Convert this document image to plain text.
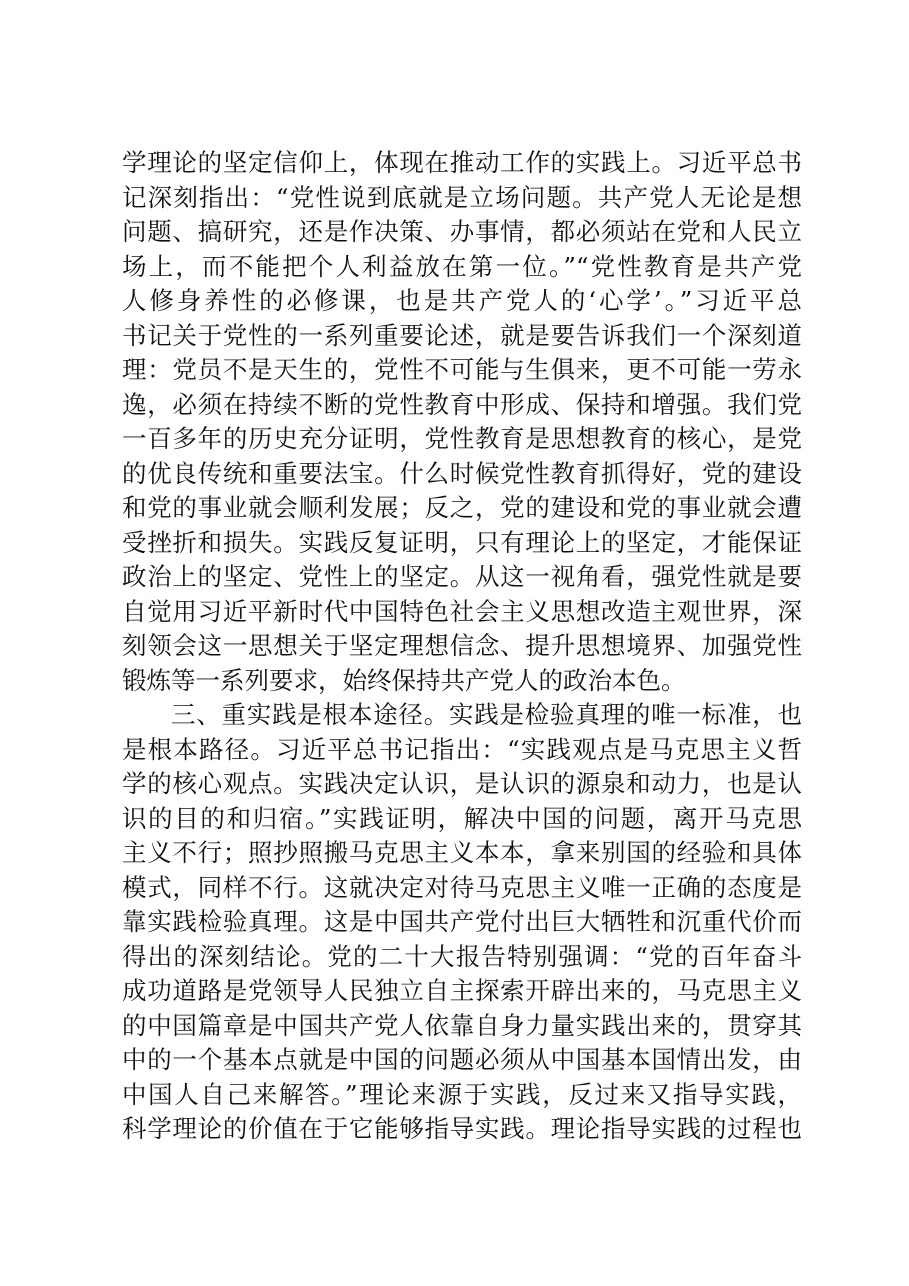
学理论的坚定信仰上，体现在推动工作的实践上。习近平总书
记深刻指出：“党性说到底就是立场问题。共产党人无论是想
问题、搞研究，还是作决策、办事情，都必须站在党和人民立
场上，而不能把个人利益放在第一位。”“党性教育是共产党
人修身养性的必修课，也是共产党人的‘心学’。”习近平总
书记关于党性的一系列重要论述，就是要告诉我们一个深刻道
理：党员不是天生的，党性不可能与生俱来，更不可能一劳永
逸，必须在持续不断的党性教育中形成、保持和增强。我们党
一百多年的历史充分证明，党性教育是思想教育的核心，是党
的优良传统和重要法宝。什么时候党性教育抓得好，党的建设
和党的事业就会顺利发展；反之，党的建设和党的事业就会遭
受挫折和损失。实践反复证明，只有理论上的坚定，才能保证
政治上的坚定、党性上的坚定。从这一视角看，强党性就是要
自觉用习近平新时代中国特色社会主义思想改造主观世界，深
刻领会这一思想关于坚定理想信念、提升思想境界、加强党性
锻炼等一系列要求，始终保持共产党人的政治本色。
三、重实践是根本途径。实践是检验真理的唯一标准，也
是根本路径。习近平总书记指出：“实践观点是马克思主义哲
学的核心观点。实践决定认识，是认识的源泉和动力，也是认
识的目的和归宿。”实践证明，解决中国的问题，离开马克思
主义不行；照抄照搬马克思主义本本，拿来别国的经验和具体
模式，同样不行。这就决定对待马克思主义唯一正确的态度是
靠实践检验真理。这是中国共产党付出巨大牺牲和沉重代价而
得出的深刻结论。党的二十大报告特别强调：“党的百年奋斗
成功道路是党领导人民独立自主探索开辟出来的，马克思主义
的中国篇章是中国共产党人依靠自身力量实践出来的，贯穿其
中的一个基本点就是中国的问题必须从中国基本国情出发，由
中国人自己来解答。”理论来源于实践，反过来又指导实践，
科学理论的价值在于它能够指导实践。理论指导实践的过程也
